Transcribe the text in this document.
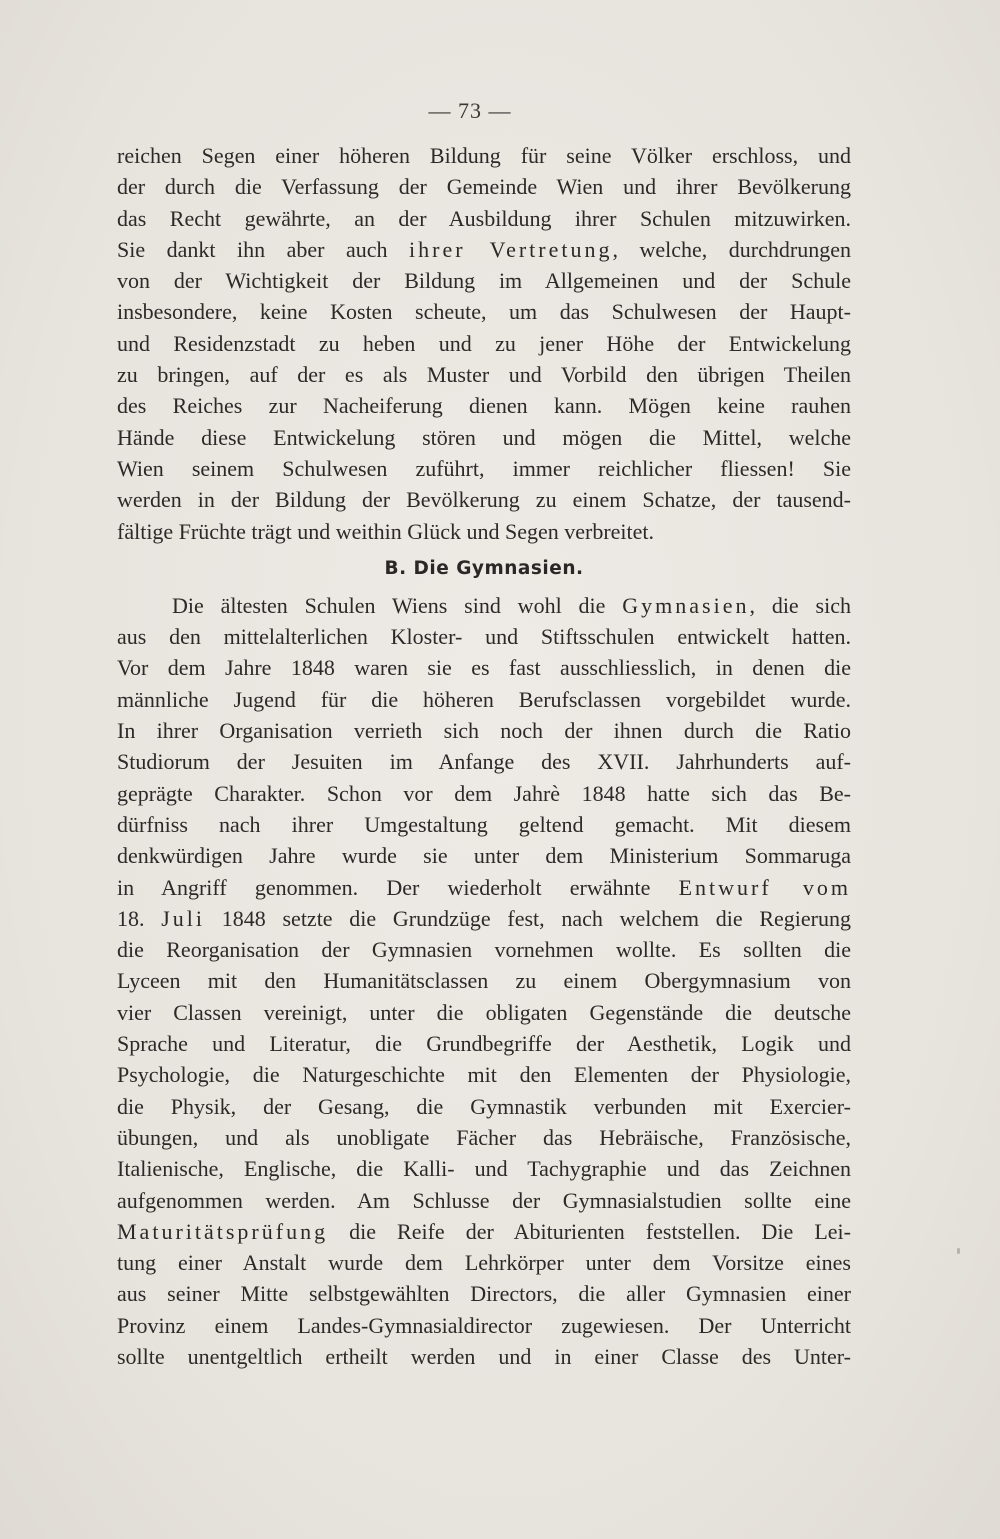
— 73 —
reichen Segen einer höheren Bildung für seine Völker erschloss, und
der durch die Verfassung der Gemeinde Wien und ihrer Bevölkerung
das Recht gewährte, an der Ausbildung ihrer Schulen mitzuwirken.
Sie dankt ihn aber auch ihrer Vertretung, welche, durchdrungen
von der Wichtigkeit der Bildung im Allgemeinen und der Schule
insbesondere, keine Kosten scheute, um das Schulwesen der Haupt-
und Residenzstadt zu heben und zu jener Höhe der Entwickelung
zu bringen, auf der es als Muster und Vorbild den übrigen Theilen
des Reiches zur Nacheiferung dienen kann. Mögen keine rauhen
Hände diese Entwickelung stören und mögen die Mittel, welche
Wien seinem Schulwesen zuführt, immer reichlicher fliessen! Sie
werden in der Bildung der Bevölkerung zu einem Schatze, der tausend-
fältige Früchte trägt und weithin Glück und Segen verbreitet.
B. Die Gymnasien.
Die ältesten Schulen Wiens sind wohl die Gymnasien, die sich
aus den mittelalterlichen Kloster- und Stiftsschulen entwickelt hatten.
Vor dem Jahre 1848 waren sie es fast ausschliesslich, in denen die
männliche Jugend für die höheren Berufsclassen vorgebildet wurde.
In ihrer Organisation verrieth sich noch der ihnen durch die Ratio
Studiorum der Jesuiten im Anfange des XVII. Jahrhunderts auf-
geprägte Charakter. Schon vor dem Jahrè 1848 hatte sich das Be-
dürfniss nach ihrer Umgestaltung geltend gemacht. Mit diesem
denkwürdigen Jahre wurde sie unter dem Ministerium Sommaruga
in Angriff genommen. Der wiederholt erwähnte Entwurf vom
18. Juli 1848 setzte die Grundzüge fest, nach welchem die Regierung
die Reorganisation der Gymnasien vornehmen wollte. Es sollten die
Lyceen mit den Humanitätsclassen zu einem Obergymnasium von
vier Classen vereinigt, unter die obligaten Gegenstände die deutsche
Sprache und Literatur, die Grundbegriffe der Aesthetik, Logik und
Psychologie, die Naturgeschichte mit den Elementen der Physiologie,
die Physik, der Gesang, die Gymnastik verbunden mit Exercier-
übungen, und als unobligate Fächer das Hebräische, Französische,
Italienische, Englische, die Kalli- und Tachygraphie und das Zeichnen
aufgenommen werden. Am Schlusse der Gymnasialstudien sollte eine
Maturitätsprüfung die Reife der Abiturienten feststellen. Die Lei-
tung einer Anstalt wurde dem Lehrkörper unter dem Vorsitze eines
aus seiner Mitte selbstgewählten Directors, die aller Gymnasien einer
Provinz einem Landes-Gymnasialdirector zugewiesen. Der Unterricht
sollte unentgeltlich ertheilt werden und in einer Classe des Unter-
